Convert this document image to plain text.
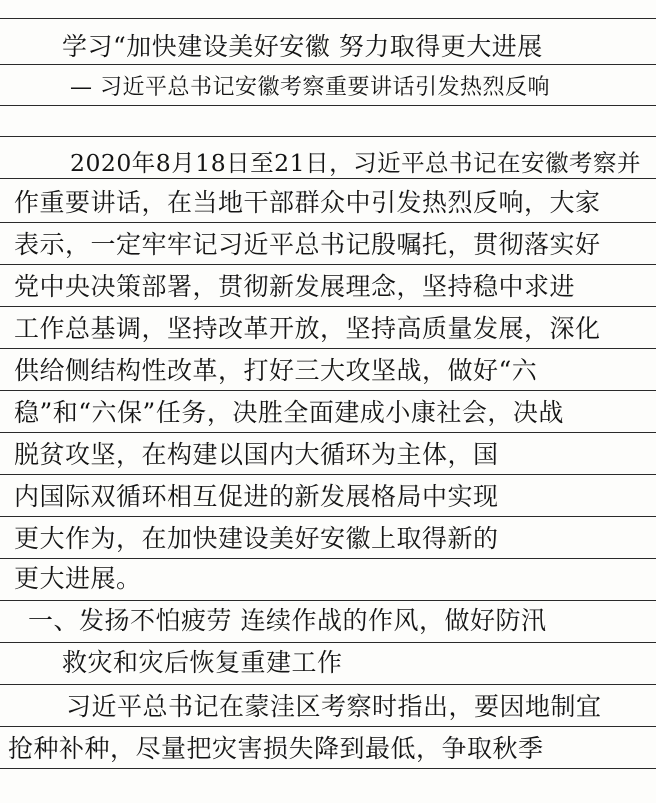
学习“加快建设美好安徽 努力取得更大进展
— 习近平总书记安徽考察重要讲话引发热烈反响
2020年8月18日至21日，习近平总书记在安徽考察并
作重要讲话，在当地干部群众中引发热烈反响，大家
表示，一定牢牢记习近平总书记殷嘱托，贯彻落实好
党中央决策部署，贯彻新发展理念，坚持稳中求进
工作总基调，坚持改革开放，坚持高质量发展，深化
供给侧结构性改革，打好三大攻坚战，做好“六
稳”和“六保”任务，决胜全面建成小康社会，决战
脱贫攻坚，在构建以国内大循环为主体，国
内国际双循环相互促进的新发展格局中实现
更大作为，在加快建设美好安徽上取得新的
更大进展。
一、发扬不怕疲劳 连续作战的作风，做好防汛
救灾和灾后恢复重建工作
习近平总书记在蒙洼区考察时指出，要因地制宜
抢种补种，尽量把灾害损失降到最低，争取秋季
